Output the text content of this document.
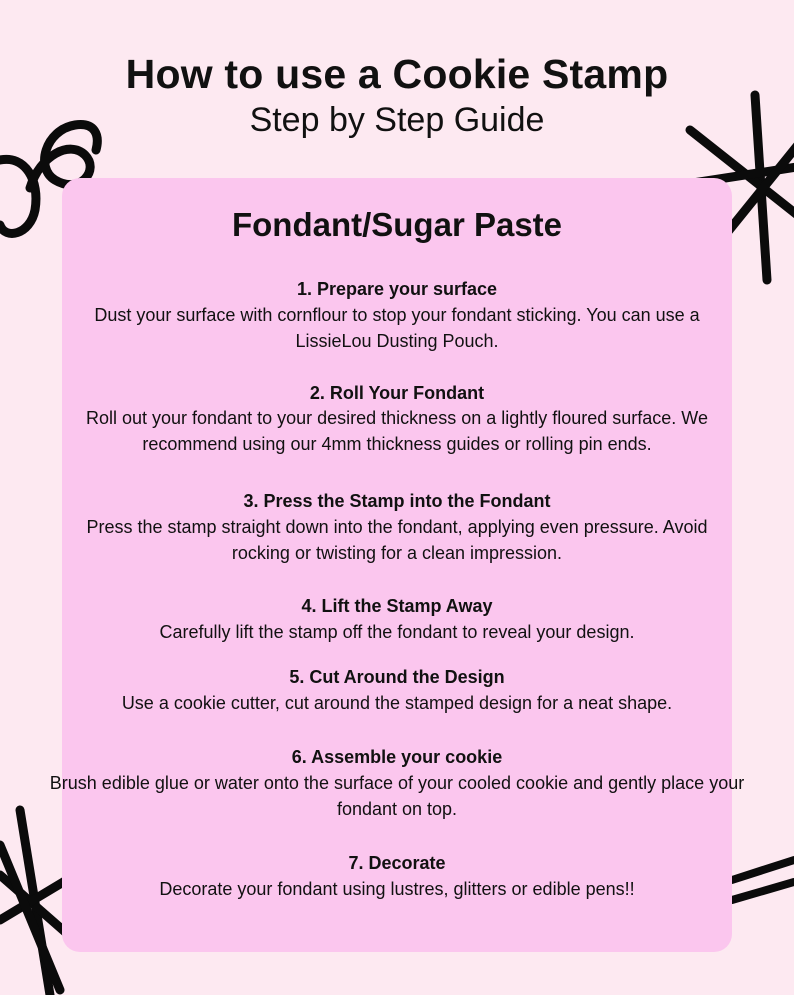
How to use a Cookie Stamp
Step by Step Guide
Fondant/Sugar Paste
1. Prepare your surface
Dust your surface with cornflour to stop your fondant sticking. You can use a LissieLou Dusting Pouch.
2. Roll Your Fondant
Roll out your fondant to your desired thickness on a lightly floured surface. We recommend using our 4mm thickness guides or rolling pin ends.
3. Press the Stamp into the Fondant
Press the stamp straight down into the fondant, applying even pressure. Avoid rocking or twisting for a clean impression.
4. Lift the Stamp Away
Carefully lift the stamp off the fondant to reveal your design.
5. Cut Around the Design
Use a cookie cutter, cut around the stamped design for a neat shape.
6. Assemble your cookie
Brush edible glue or water onto the surface of your cooled cookie and gently place your fondant on top.
7. Decorate
Decorate your fondant using lustres, glitters or edible pens!!
